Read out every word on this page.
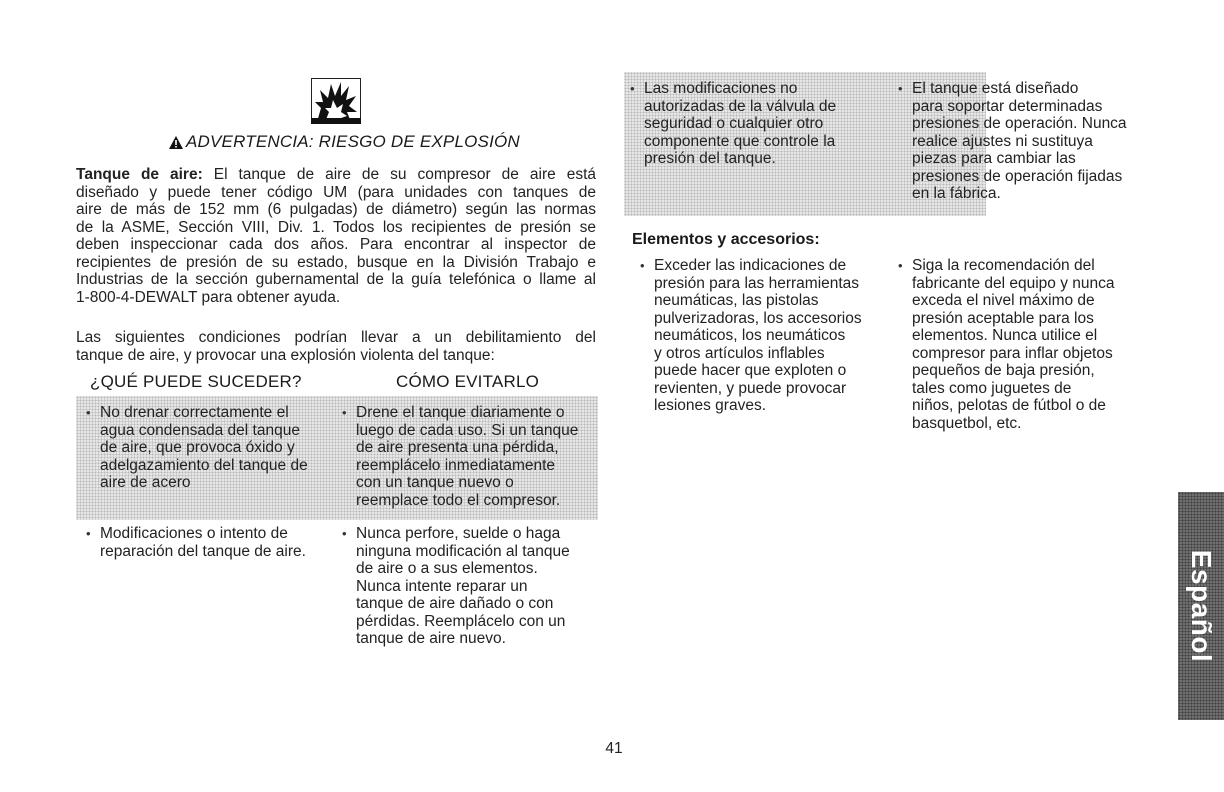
ADVERTENCIA: RIESGO DE EXPLOSIÓN
Tanque de aire: El tanque de aire de su compresor de aire está
diseñado y puede tener código UM (para unidades con tanques de
aire de más de 152 mm (6 pulgadas) de diámetro) según las normas
de la ASME, Sección VIII, Div. 1. Todos los recipientes de presión se
deben inspeccionar cada dos años. Para encontrar al inspector de
recipientes de presión de su estado, busque en la División Trabajo e
Industrias de la sección gubernamental de la guía telefónica o llame al
1-800-4-DEWALT para obtener ayuda.
Las siguientes condiciones podrían llevar a un debilitamiento del
tanque de aire, y provocar una explosión violenta del tanque:
¿QUÉ PUEDE SUCEDER?	CÓMO EVITARLO
• No drenar correctamente el
agua condensada del tanque
de aire, que provoca óxido y
adelgazamiento del tanque de
aire de acero
• Drene el tanque diariamente o
luego de cada uso. Si un tanque
de aire presenta una pérdida,
reemplácelo inmediatamente
con un tanque nuevo o
reemplace todo el compresor.
• Modificaciones o intento de
reparación del tanque de aire.
• Nunca perfore, suelde o haga
ninguna modificación al tanque
de aire o a sus elementos.
Nunca intente reparar un
tanque de aire dañado o con
pérdidas. Reemplácelo con un
tanque de aire nuevo.
• Las modificaciones no
autorizadas de la válvula de
seguridad o cualquier otro
componente que controle la
presión del tanque.
• El tanque está diseñado
para soportar determinadas
presiones de operación. Nunca
realice ajustes ni sustituya
piezas para cambiar las
presiones de operación fijadas
en la fábrica.
Elementos y accesorios:
• Exceder las indicaciones de
presión para las herramientas
neumáticas, las pistolas
pulverizadoras, los accesorios
neumáticos, los neumáticos
y otros artículos inflables
puede hacer que exploten o
revienten, y puede provocar
lesiones graves.
• Siga la recomendación del
fabricante del equipo y nunca
exceda el nivel máximo de
presión aceptable para los
elementos. Nunca utilice el
compresor para inflar objetos
pequeños de baja presión,
tales como juguetes de
niños, pelotas de fútbol o de
basquetbol, etc.
41
Español
